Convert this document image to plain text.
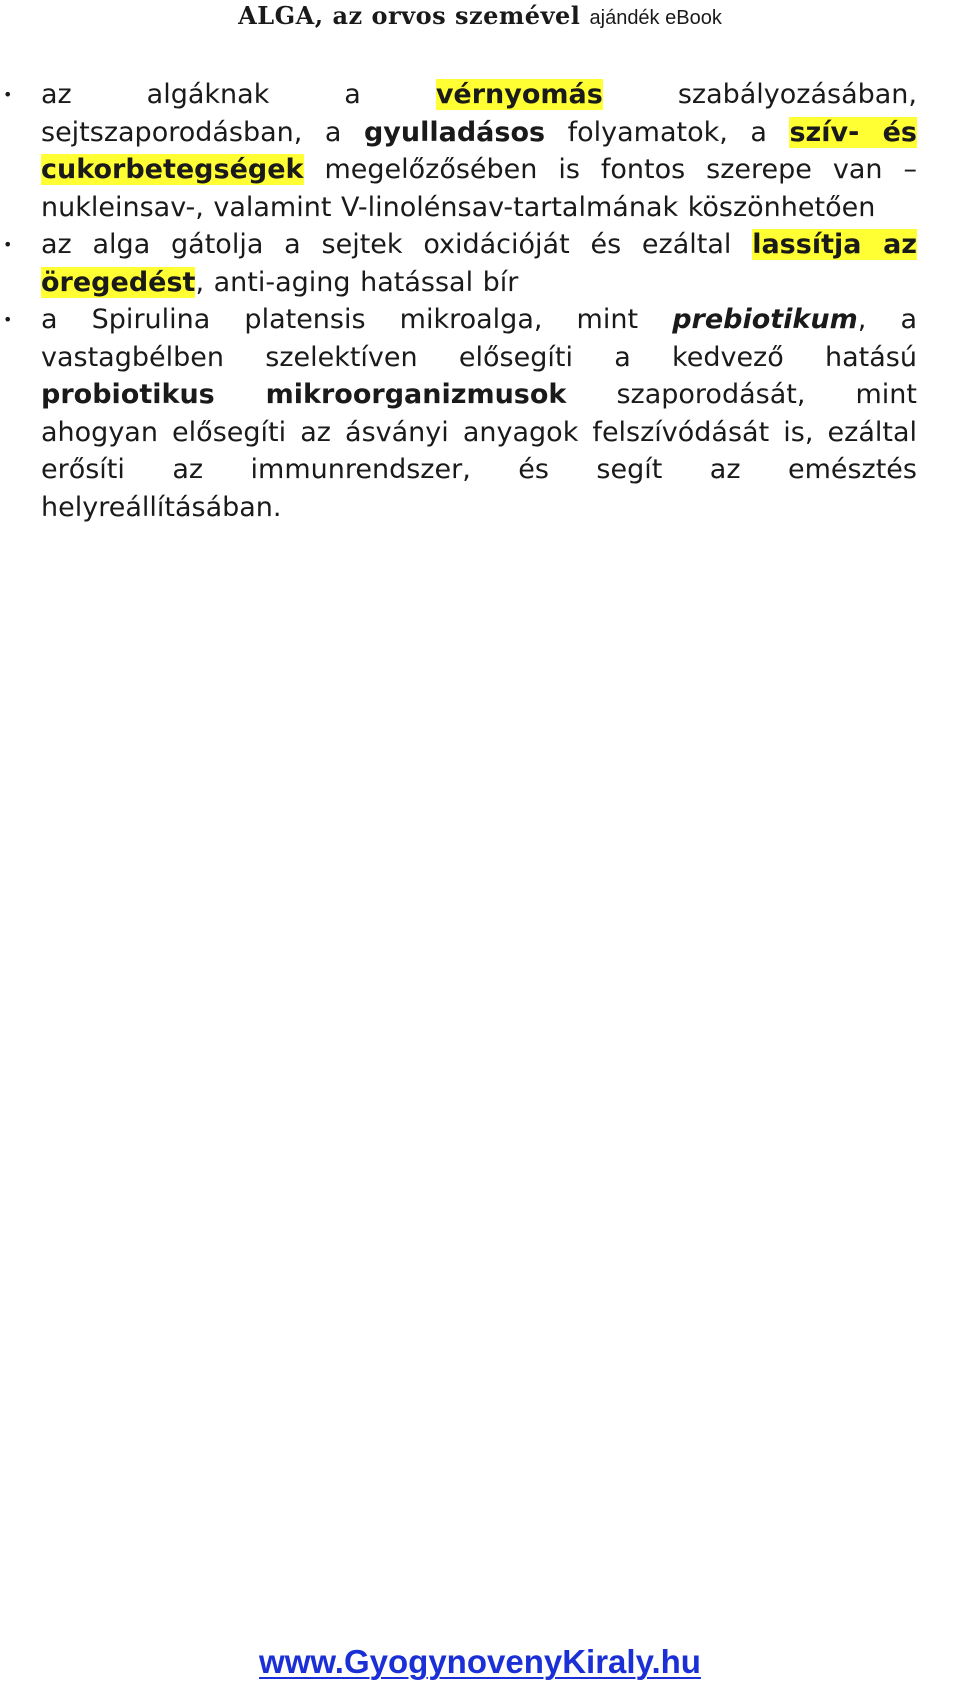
ALGA, az orvos szemével ajándék eBook
• az algáknak a vérnyomás szabályozásában, sejtszaporodásban, a gyulladásos folyamatok, a szív- és cukorbetegségek megelőzősében is fontos szerepe van – nukleinsav-, valamint V-linolénsav-tartalmának köszönhetően
• az alga gátolja a sejtek oxidációját és ezáltal lassítja az öregedést, anti-aging hatással bír
• a Spirulina platensis mikroalga, mint prebiotikum, a vastagbélben szelektíven elősegíti a kedvező hatású probiotikus mikroorganizmusok szaporodását, mint ahogyan elősegíti az ásványi anyagok felszívódását is, ezáltal erősíti az immunrendszer, és segít az emésztés helyreállításában.
www.GyogynovenyKiraly.hu
